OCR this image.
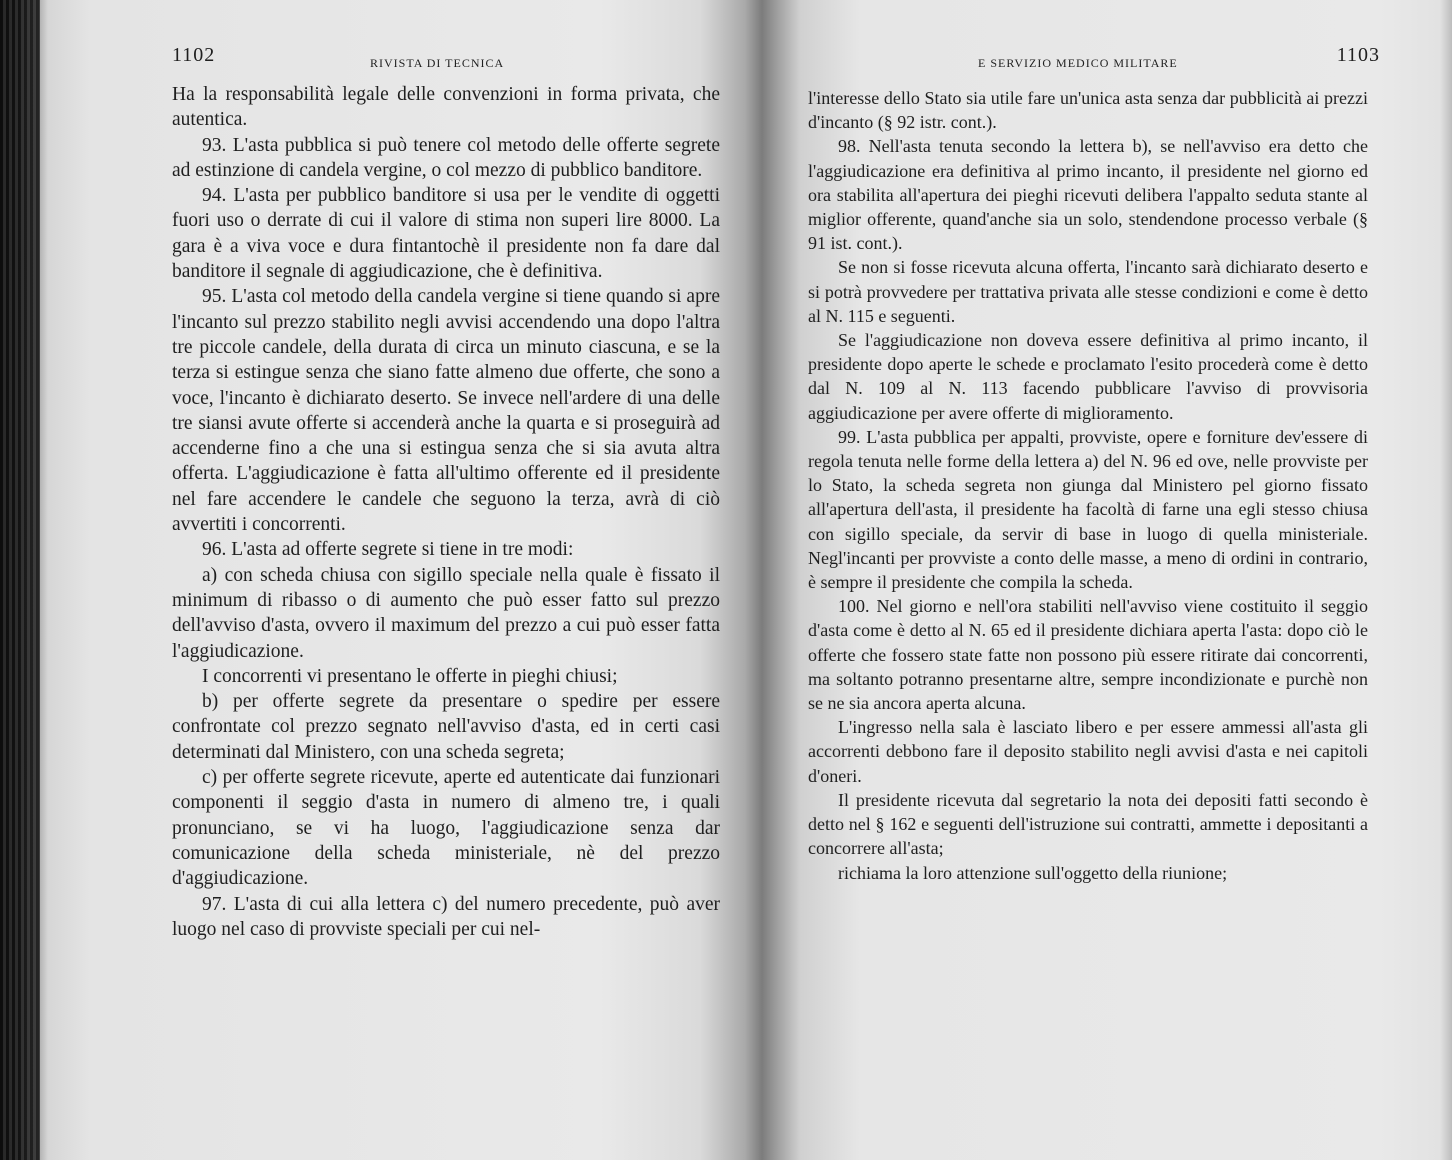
1102	RIVISTA DI TECNICA

Ha la responsabilità legale delle convenzioni in forma privata, che autentica.

93. L'asta pubblica si può tenere col metodo delle offerte segrete ad estinzione di candela vergine, o col mezzo di pubblico banditore.

94. L'asta per pubblico banditore si usa per le vendite di oggetti fuori uso o derrate di cui il valore di stima non superi lire 8000. La gara è a viva voce e dura fintantochè il presidente non fa dare dal banditore il segnale di aggiudicazione, che è definitiva.

95. L'asta col metodo della candela vergine si tiene quando si apre l'incanto sul prezzo stabilito negli avvisi accendendo una dopo l'altra tre piccole candele, della durata di circa un minuto ciascuna, e se la terza si estingue senza che siano fatte almeno due offerte, che sono a voce, l'incanto è dichiarato deserto. Se invece nell'ardere di una delle tre siansi avute offerte si accenderà anche la quarta e si proseguirà ad accenderne fino a che una si estingua senza che si sia avuta altra offerta. L'aggiudicazione è fatta all'ultimo offerente ed il presidente nel fare accendere le candele che seguono la terza, avrà di ciò avvertiti i concorrenti.

96. L'asta ad offerte segrete si tiene in tre modi:

a) con scheda chiusa con sigillo speciale nella quale è fissato il minimum di ribasso o di aumento che può esser fatto sul prezzo dell'avviso d'asta, ovvero il maximum del prezzo a cui può esser fatta l'aggiudicazione.

I concorrenti vi presentano le offerte in pieghi chiusi;

b) per offerte segrete da presentare o spedire per essere confrontate col prezzo segnato nell'avviso d'asta, ed in certi casi determinati dal Ministero, con una scheda segreta;

c) per offerte segrete ricevute, aperte ed autenticate dai funzionari componenti il seggio d'asta in numero di almeno tre, i quali pronunciano, se vi ha luogo, l'aggiudicazione senza dar comunicazione della scheda ministeriale, nè del prezzo d'aggiudicazione.

97. L'asta di cui alla lettera c) del numero precedente, può aver luogo nel caso di provviste speciali per cui nel-

E SERVIZIO MEDICO MILITARE	1103

l'interesse dello Stato sia utile fare un'unica asta senza dar pubblicità ai prezzi d'incanto (§ 92 istr. cont.).

98. Nell'asta tenuta secondo la lettera b), se nell'avviso era detto che l'aggiudicazione era definitiva al primo incanto, il presidente nel giorno ed ora stabilita all'apertura dei pieghi ricevuti delibera l'appalto seduta stante al miglior offerente, quand'anche sia un solo, stendendone processo verbale (§ 91 ist. cont.).

Se non si fosse ricevuta alcuna offerta, l'incanto sarà dichiarato deserto e si potrà provvedere per trattativa privata alle stesse condizioni e come è detto al N. 115 e seguenti.

Se l'aggiudicazione non doveva essere definitiva al primo incanto, il presidente dopo aperte le schede e proclamato l'esito procederà come è detto dal N. 109 al N. 113 facendo pubblicare l'avviso di provvisoria aggiudicazione per avere offerte di miglioramento.

99. L'asta pubblica per appalti, provviste, opere e forniture dev'essere di regola tenuta nelle forme della lettera a) del N. 96 ed ove, nelle provviste per lo Stato, la scheda segreta non giunga dal Ministero pel giorno fissato all'apertura dell'asta, il presidente ha facoltà di farne una egli stesso chiusa con sigillo speciale, da servir di base in luogo di quella ministeriale. Negl'incanti per provviste a conto delle masse, a meno di ordini in contrario, è sempre il presidente che compila la scheda.

100. Nel giorno e nell'ora stabiliti nell'avviso viene costituito il seggio d'asta come è detto al N. 65 ed il presidente dichiara aperta l'asta: dopo ciò le offerte che fossero state fatte non possono più essere ritirate dai concorrenti, ma soltanto potranno presentarne altre, sempre incondizionate e purchè non se ne sia ancora aperta alcuna.

L'ingresso nella sala è lasciato libero e per essere ammessi all'asta gli accorrenti debbono fare il deposito stabilito negli avvisi d'asta e nei capitoli d'oneri.

Il presidente ricevuta dal segretario la nota dei depositi fatti secondo è detto nel § 162 e seguenti dell'istruzione sui contratti, ammette i depositanti a concorrere all'asta;

richiama la loro attenzione sull'oggetto della riunione;
